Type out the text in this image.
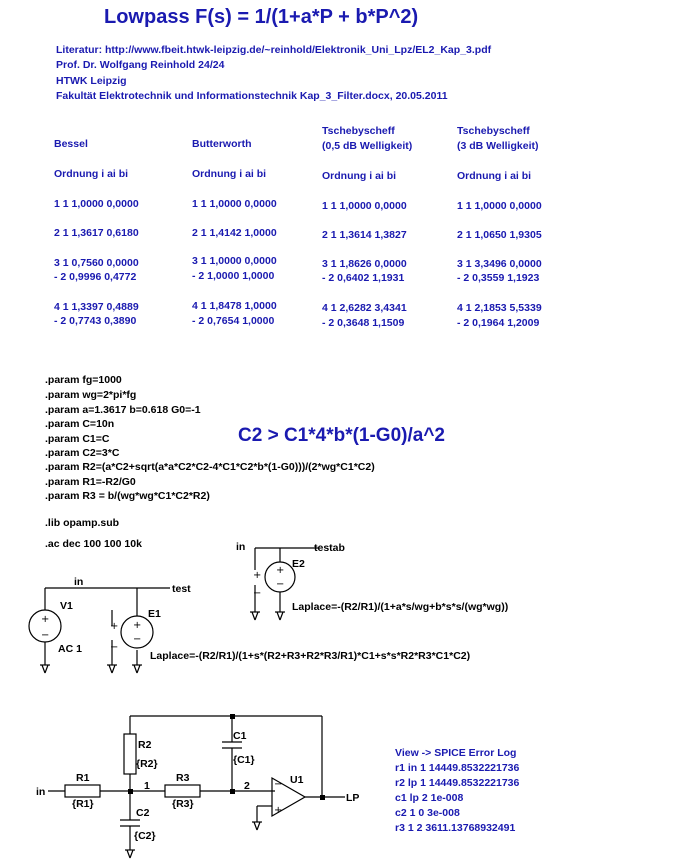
Lowpass F(s) = 1/(1+a*P + b*P^2)
Literatur: http://www.fbeit.htwk-leipzig.de/~reinhold/Elektronik_Uni_Lpz/EL2_Kap_3.pdf
Prof. Dr. Wolfgang Reinhold 24/24
HTWK Leipzig
Fakultät Elektrotechnik und Informationstechnik Kap_3_Filter.docx, 20.05.2011
Bessel
Ordnung i ai bi
1 1 1,0000 0,0000
2 1 1,3617 0,6180
3 1 0,7560 0,0000
- 2 0,9996 0,4772
4 1 1,3397 0,4889
- 2 0,7743 0,3890
Butterworth
Ordnung i ai bi
1 1 1,0000 0,0000
2 1 1,4142 1,0000
3 1 1,0000 0,0000
- 2 1,0000 1,0000
4 1 1,8478 1,0000
- 2 0,7654 1,0000
Tschebyscheff
(0,5 dB Welligkeit)
Ordnung i ai bi
1 1 1,0000 0,0000
2 1 1,3614 1,3827
3 1 1,8626 0,0000
- 2 0,6402 1,1931
4 1 2,6282 3,4341
- 2 0,3648 1,1509
Tschebyscheff
(3 dB Welligkeit)
Ordnung i ai bi
1 1 1,0000 0,0000
2 1 1,0650 1,9305
3 1 3,3496 0,0000
- 2 0,3559 1,1923
4 1 2,1853 5,5339
- 2 0,1964 1,2009
.param fg=1000
.param wg=2*pi*fg
.param a=1.3617 b=0.618 G0=-1
.param C=10n
.param C1=C
.param C2=3*C
.param R2=(a*C2+sqrt(a*a*C2*C2-4*C1*C2*b*(1-G0)))/(2*wg*C1*C2)
.param R1=-R2/G0
.param R3 = b/(wg*wg*C1*C2*R2)
.lib opamp.sub
.ac dec 100 100 10k
C2 > C1*4*b*(1-G0)/a^2
+
−
+
−
+
−
+
−
+
−
−
+
in	testab
E2
Laplace=-(R2/R1)/(1+a*s/wg+b*s*s/(wg*wg))
in
test
V1
AC 1
E1
Laplace=-(R2/R1)/(1+s*(R2+R3+R2*R3/R1)*C1+s*s*R2*R3*C1*C2)
in
R1
{R1}
R2
{R2}
1
R3
{R3}
C1
{C1}
2
C2
{C2}
U1
LP
View -> SPICE Error Log
r1 in 1 14449.8532221736
r2 lp 1 14449.8532221736
c1 lp 2 1e-008
c2 1 0 3e-008
r3 1 2 3611.13768932491
